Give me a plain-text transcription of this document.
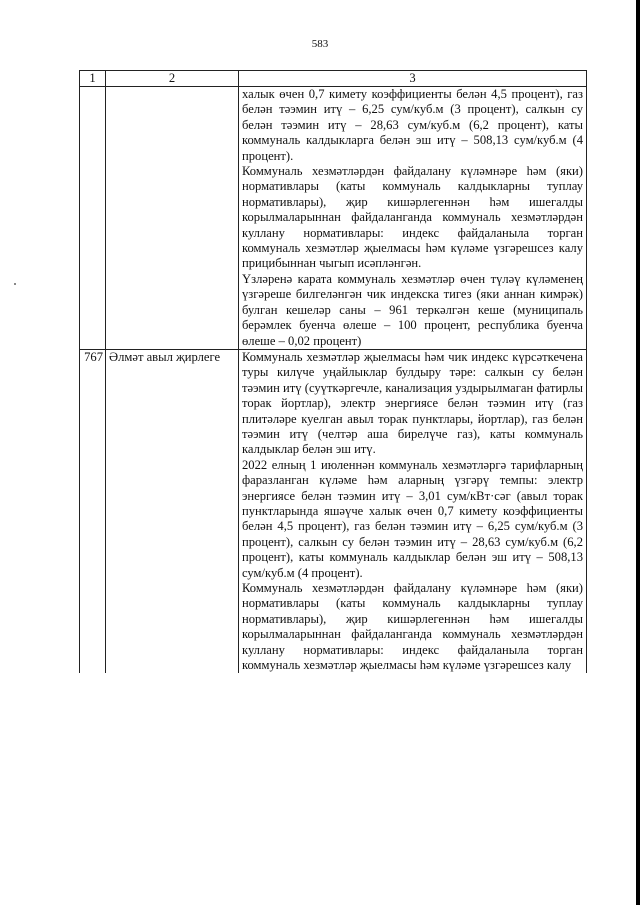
583
1	2	3

		халык өчен 0,7 кимету коэффициенты белән 4,5 процент), газ белән тәэмин итү – 6,25 сум/куб.м (3 процент), салкын су белән тәэмин итү – 28,63 сум/куб.м (6,2 процент), каты коммуналь калдыкларга белән эш итү – 508,13 сум/куб.м (4 процент).
Коммуналь хезмәтләрдән файдалану күләмнәре һәм (яки) нормативлары (каты коммуналь калдыкларны туплау нормативлары), җир кишәрлегеннән һәм ишегалды корылмаларыннан файдаланганда коммуналь хезмәтләрдән куллану нормативлары: индекс файдаланыла торган коммуналь хезмәтләр җыелмасы һәм күләме үзгәрешсез калу прицибыннан чыгып исәпләнгән.
Үзләренә карата коммуналь хезмәтләр өчен түләү күләменең үзгәреше билгеләнгән чик индекска тигез (яки аннан кимрәк) булган кешеләр саны – 961 теркәлгән кеше (муниципаль берәмлек буенча өлеше – 100 процент, республика буенча өлеше – 0,02 процент)

767	Әлмәт авыл җирлеге	Коммуналь хезмәтләр җыелмасы һәм чик индекс күрсәткечена туры килүче уңайлыклар булдыру тәре: салкын су белән тәэмин итү (суүткәргечле, канализация уздырылмаган фатирлы торак йортлар), электр энергиясе белән тәэмин итү (газ плитәләре куелган авыл торак пунктлары, йортлар), газ белән тәэмин итү (челтәр аша бирелүче газ), каты коммуналь калдыклар белән эш итү.
2022 елның 1 июленнән коммуналь хезмәтләргә тарифларның фаразланган күләме һәм аларның үзгәрү темпы: электр энергиясе белән тәэмин итү – 3,01 сум/кВт·сәг (авыл торак пунктларында яшәүче халык өчен 0,7 кимету коэффициенты белән 4,5 процент), газ белән тәэмин итү – 6,25 сум/куб.м (3 процент), салкын су белән тәэмин итү – 28,63 сум/куб.м (6,2 процент), каты коммуналь калдыклар белән эш итү – 508,13 сум/куб.м (4 процент).
Коммуналь хезмәтләрдән файдалану күләмнәре һәм (яки) нормативлары (каты коммуналь калдыкларны туплау нормативлары), җир кишәрлегеннән һәм ишегалды корылмаларыннан файдаланганда коммуналь хезмәтләрдән куллану нормативлары: индекс файдаланыла торган коммуналь хезмәтләр җыелмасы һәм күләме үзгәрешсез калу
